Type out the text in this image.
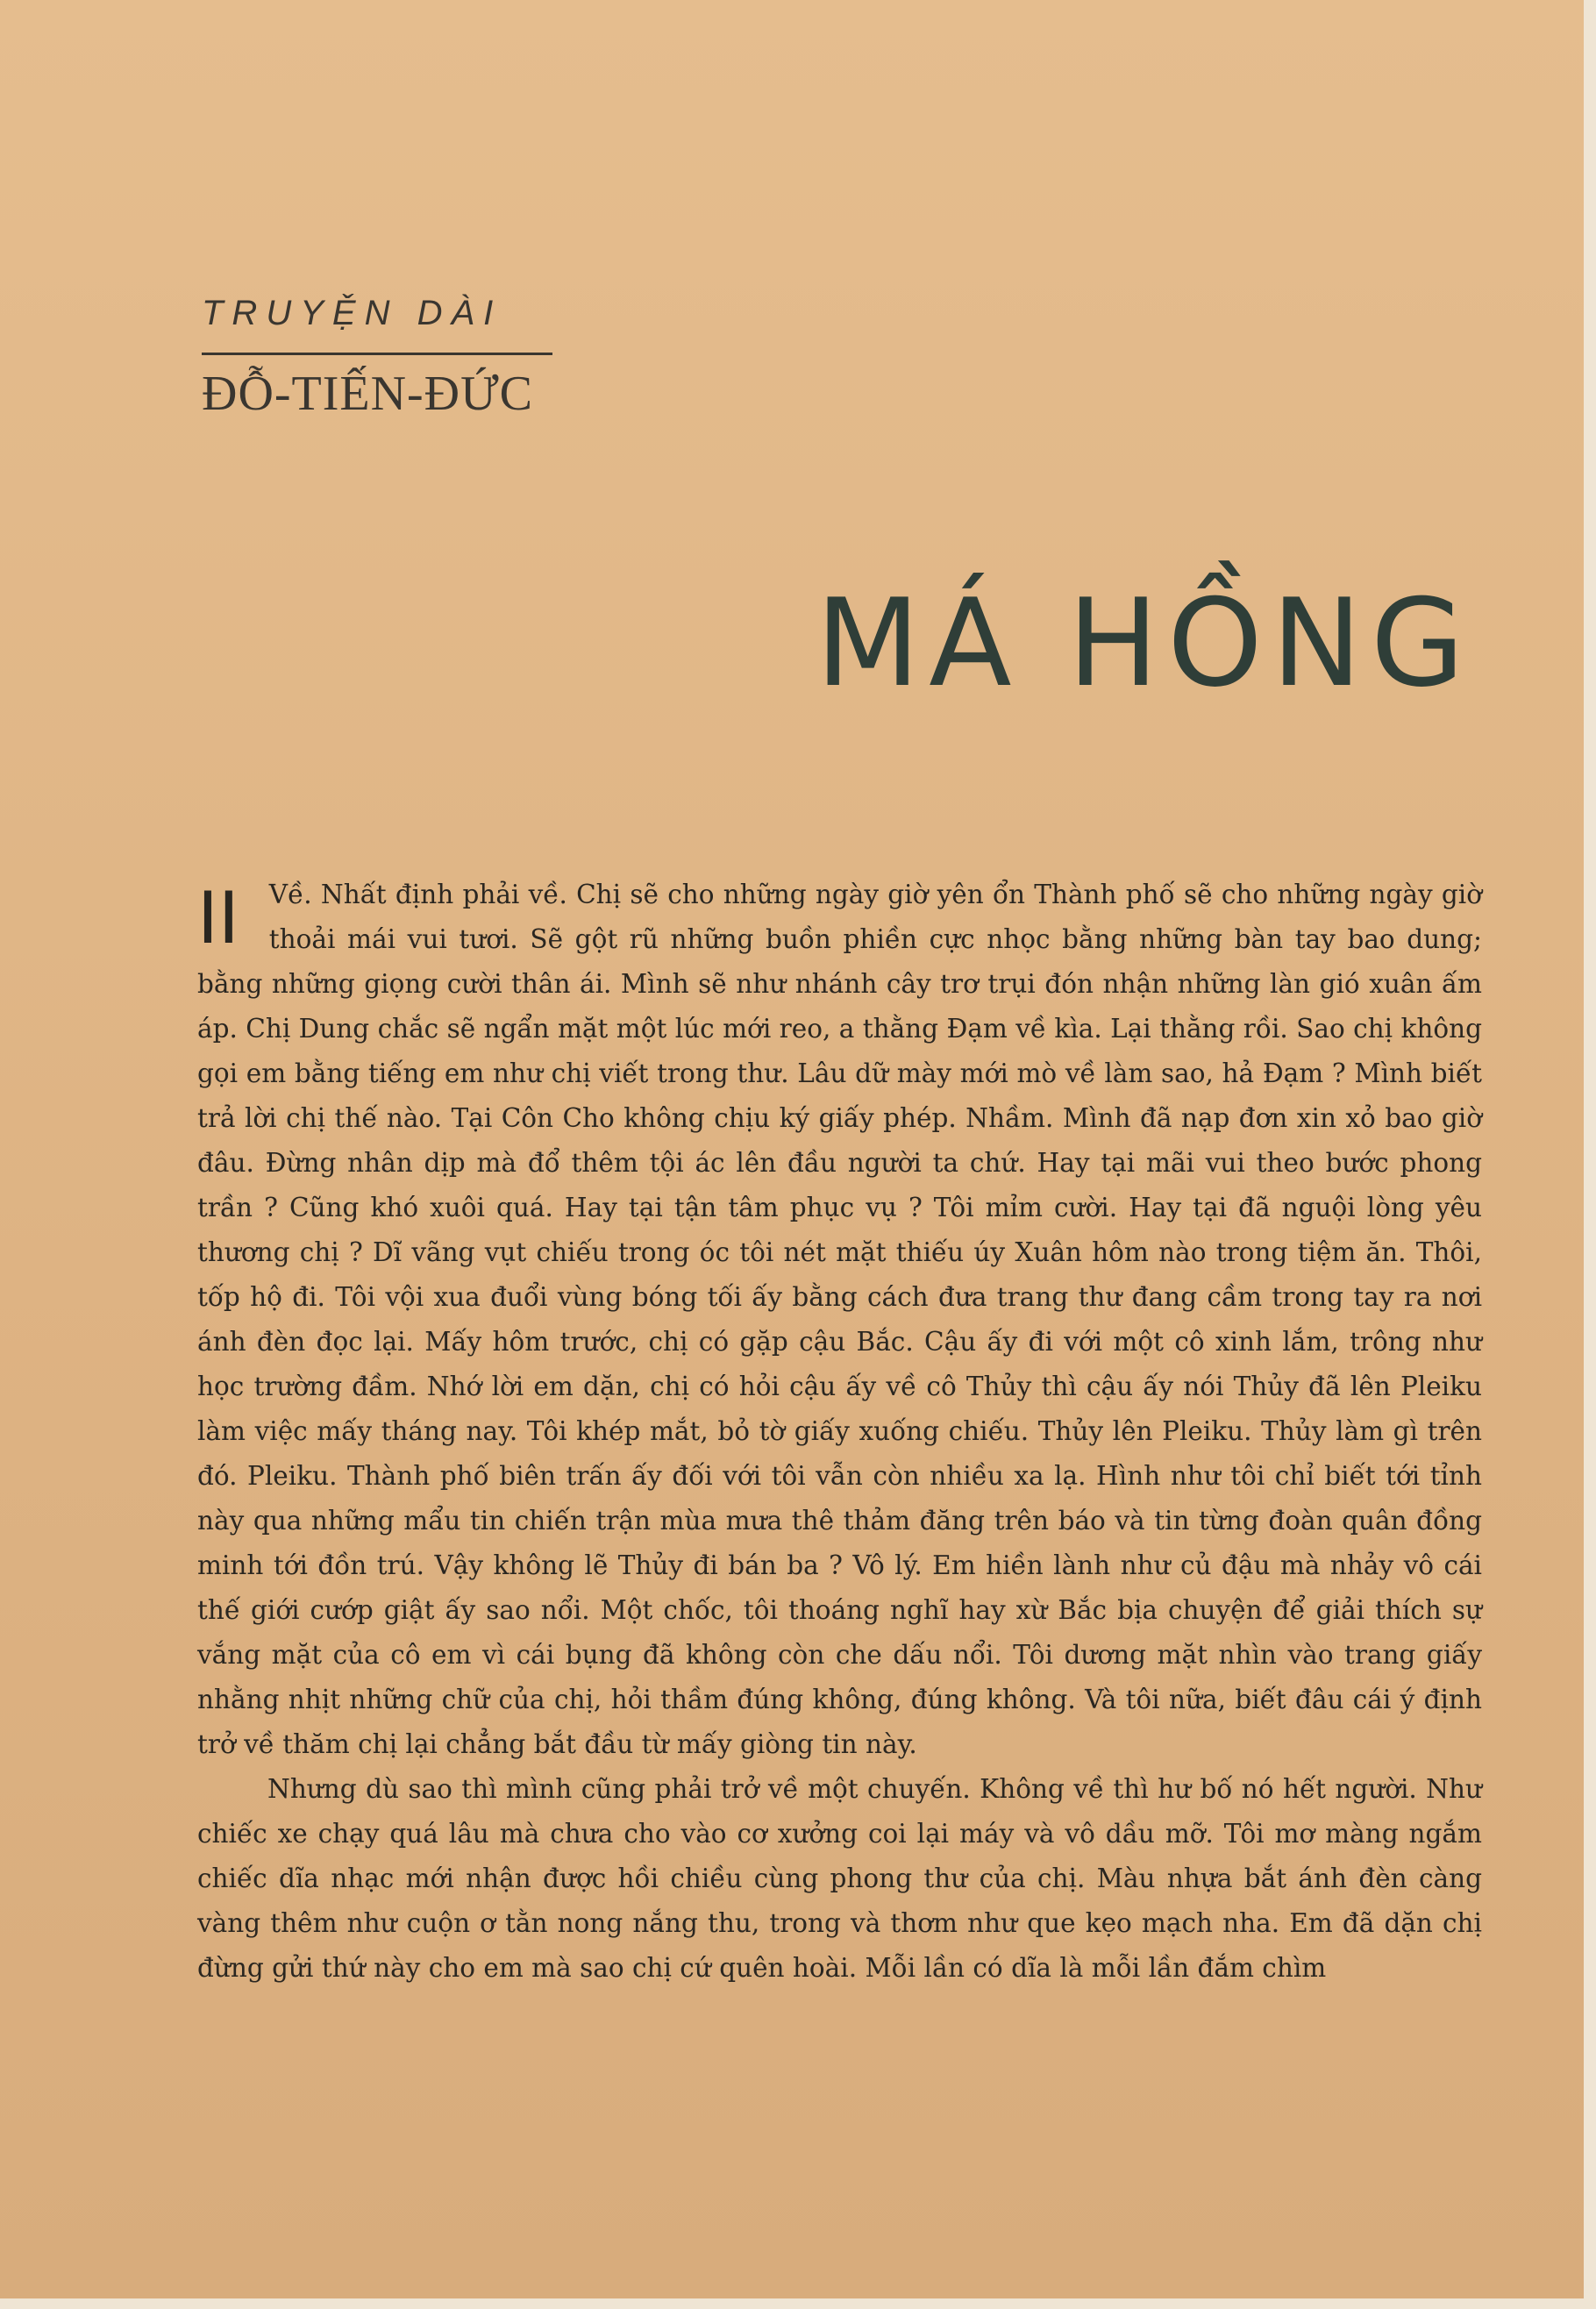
TRUYỆN DÀI
ĐỖ-TIẾN-ĐỨC
MÁ HỒNG
II	Về. Nhất định phải về. Chị sẽ cho những ngày giờ yên ổn Thành phố sẽ cho những ngày giờ thoải mái vui tươi. Sẽ gột rũ những buồn phiền cực nhọc bằng những bàn tay bao dung; bằng những giọng cười thân ái. Mình sẽ như nhánh cây trơ trụi đón nhận những làn gió xuân ấm áp. Chị Dung chắc sẽ ngẩn mặt một lúc mới reo, a thằng Đạm về kìa. Lại thằng rồi. Sao chị không gọi em bằng tiếng em như chị viết trong thư. Lâu dữ mày mới mò về làm sao, hả Đạm ? Mình biết trả lời chị thế nào. Tại Côn Cho không chịu ký giấy phép. Nhầm. Mình đã nạp đơn xin xỏ bao giờ đâu. Đừng nhân dịp mà đổ thêm tội ác lên đầu người ta chứ. Hay tại mãi vui theo bước phong trần ? Cũng khó xuôi quá. Hay tại tận tâm phục vụ ? Tôi mỉm cười. Hay tại đã nguội lòng yêu thương chị ? Dĩ vãng vụt chiếu trong óc tôi nét mặt thiếu úy Xuân hôm nào trong tiệm ăn. Thôi, tốp hộ đi. Tôi vội xua đuổi vùng bóng tối ấy bằng cách đưa trang thư đang cầm trong tay ra nơi ánh đèn đọc lại. Mấy hôm trước, chị có gặp cậu Bắc. Cậu ấy đi với một cô xinh lắm, trông như học trường đầm. Nhớ lời em dặn, chị có hỏi cậu ấy về cô Thủy thì cậu ấy nói Thủy đã lên Pleiku làm việc mấy tháng nay. Tôi khép mắt, bỏ tờ giấy xuống chiếu. Thủy lên Pleiku. Thủy làm gì trên đó. Pleiku. Thành phố biên trấn ấy đối với tôi vẫn còn nhiều xa lạ. Hình như tôi chỉ biết tới tỉnh này qua những mẩu tin chiến trận mùa mưa thê thảm đăng trên báo và tin từng đoàn quân đồng minh tới đồn trú. Vậy không lẽ Thủy đi bán ba ? Vô lý. Em hiền lành như củ đậu mà nhảy vô cái thế giới cướp giật ấy sao nổi. Một chốc, tôi thoáng nghĩ hay xừ Bắc bịa chuyện để giải thích sự vắng mặt của cô em vì cái bụng đã không còn che dấu nổi. Tôi dương mặt nhìn vào trang giấy nhằng nhịt những chữ của chị, hỏi thầm đúng không, đúng không. Và tôi nữa, biết đâu cái ý định trở về thăm chị lại chẳng bắt đầu từ mấy giòng tin này.

Nhưng dù sao thì mình cũng phải trở về một chuyến. Không về thì hư bố nó hết người. Như chiếc xe chạy quá lâu mà chưa cho vào cơ xưởng coi lại máy và vô dầu mỡ. Tôi mơ màng ngắm chiếc dĩa nhạc mới nhận được hồi chiều cùng phong thư của chị. Màu nhựa bắt ánh đèn càng vàng thêm như cuộn ơ tằn nong nắng thu, trong và thơm như que kẹo mạch nha. Em đã dặn chị đừng gửi thứ này cho em mà sao chị cứ quên hoài. Mỗi lần có dĩa là mỗi lần đắm chìm
